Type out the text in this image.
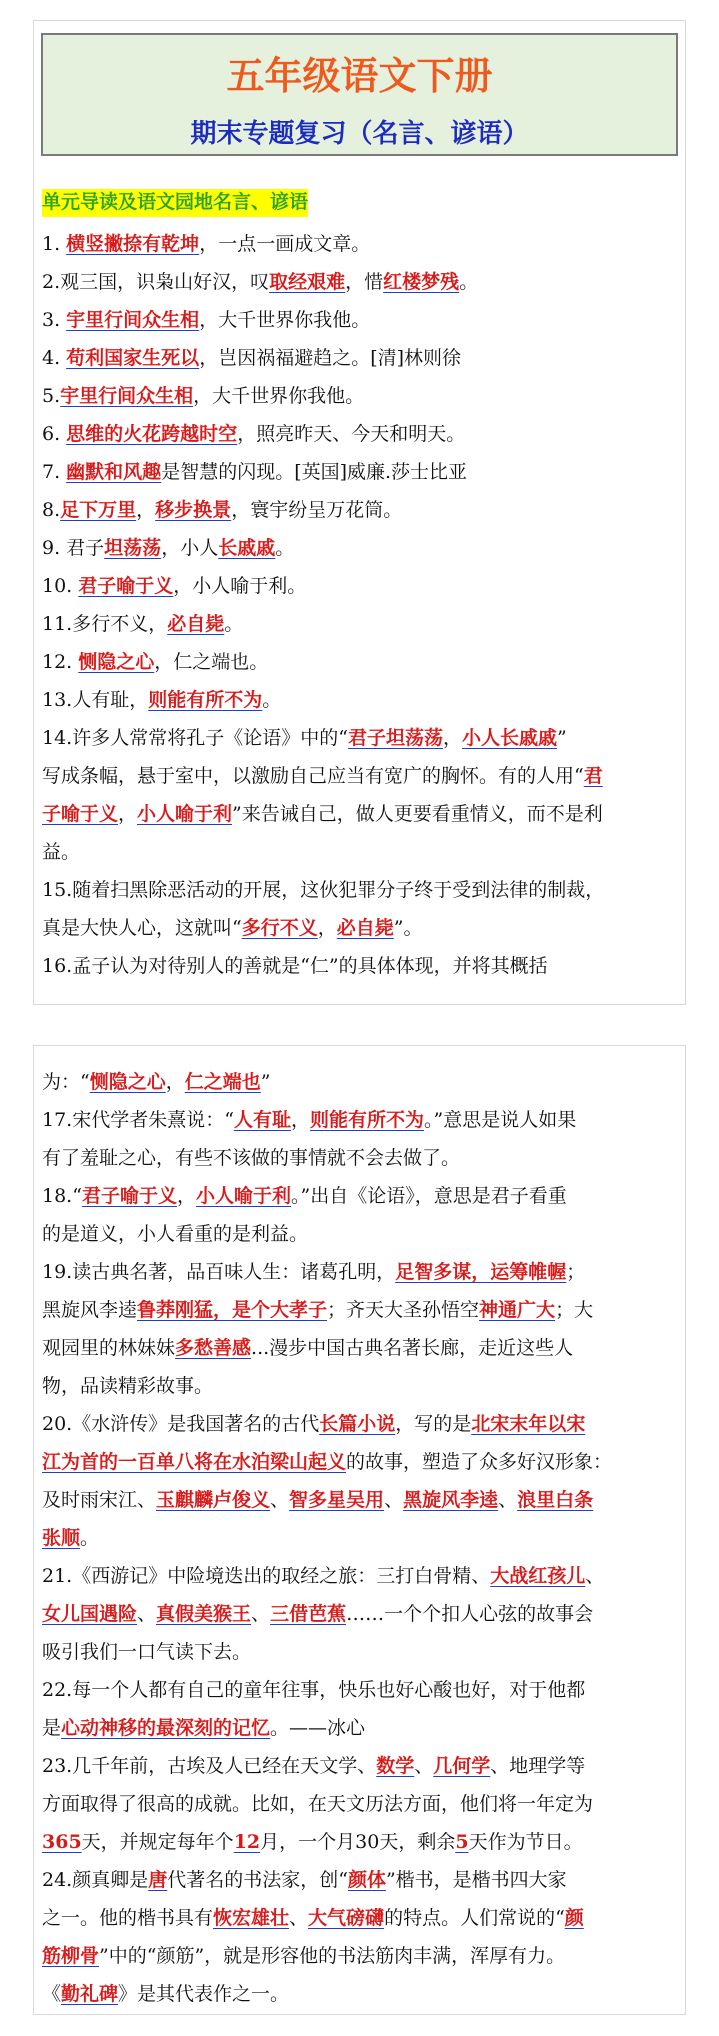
五年级语文下册
期末专题复习（名言、谚语）
单元导读及语文园地名言、谚语
1. 横竖撇捺有乾坤，一点一画成文章。
2.观三国，识枭山好汉，叹取经艰难，惜红楼梦残。
3. 宇里行间众生相，大千世界你我他。
4. 苟利国家生死以，岂因祸福避趋之。[清]林则徐
5.宇里行间众生相，大千世界你我他。
6. 思维的火花跨越时空，照亮昨天、今天和明天。
7. 幽默和风趣是智慧的闪现。[英国]威廉.莎士比亚
8.足下万里，移步换景，寰宇纷呈万花筒。
9. 君子坦荡荡，小人长戚戚。
10. 君子喻于义，小人喻于利。
11.多行不义，必自毙。
12. 恻隐之心，仁之端也。
13.人有耻，则能有所不为。
14.许多人常常将孔子《论语》中的“君子坦荡荡，小人长戚戚”
写成条幅，悬于室中，以激励自己应当有宽广的胸怀。有的人用“君
子喻于义，小人喻于利”来告诫自己，做人更要看重情义，而不是利
益。
15.随着扫黑除恶活动的开展，这伙犯罪分子终于受到法律的制裁，
真是大快人心，这就叫“多行不义，必自毙”。
16.孟子认为对待别人的善就是“仁”的具体体现，并将其概括
为：“恻隐之心，仁之端也”
17.宋代学者朱熹说：“人有耻，则能有所不为。”意思是说人如果
有了羞耻之心，有些不该做的事情就不会去做了。
18.“君子喻于义，小人喻于利。”出自《论语》，意思是君子看重
的是道义，小人看重的是利益。
19.读古典名著，品百味人生：诸葛孔明，足智多谋，运筹帷幄；
黑旋风李逵鲁莽刚猛，是个大孝子；齐天大圣孙悟空神通广大；大
观园里的林妹妹多愁善感...漫步中国古典名著长廊，走近这些人
物，品读精彩故事。
20.《水浒传》是我国著名的古代长篇小说，写的是北宋末年以宋
江为首的一百单八将在水泊梁山起义的故事，塑造了众多好汉形象：
及时雨宋江、玉麒麟卢俊义、智多星吴用、黑旋风李逵、浪里白条
张顺。
21.《西游记》中险境迭出的取经之旅：三打白骨精、大战红孩儿、
女儿国遇险、真假美猴王、三借芭蕉……一个个扣人心弦的故事会
吸引我们一口气读下去。
22.每一个人都有自己的童年往事，快乐也好心酸也好，对于他都
是心动神移的最深刻的记忆。——冰心
23.几千年前，古埃及人已经在天文学、数学、几何学、地理学等
方面取得了很高的成就。比如，在天文历法方面，他们将一年定为
365天，并规定每年个12月，一个月30天，剩余5天作为节日。
24.颜真卿是唐代著名的书法家，创“颜体”楷书，是楷书四大家
之一。他的楷书具有恢宏雄壮、大气磅礴的特点。人们常说的“颜
筋柳骨”中的“颜筋”，就是形容他的书法筋肉丰满，浑厚有力。
《勤礼碑》是其代表作之一。
